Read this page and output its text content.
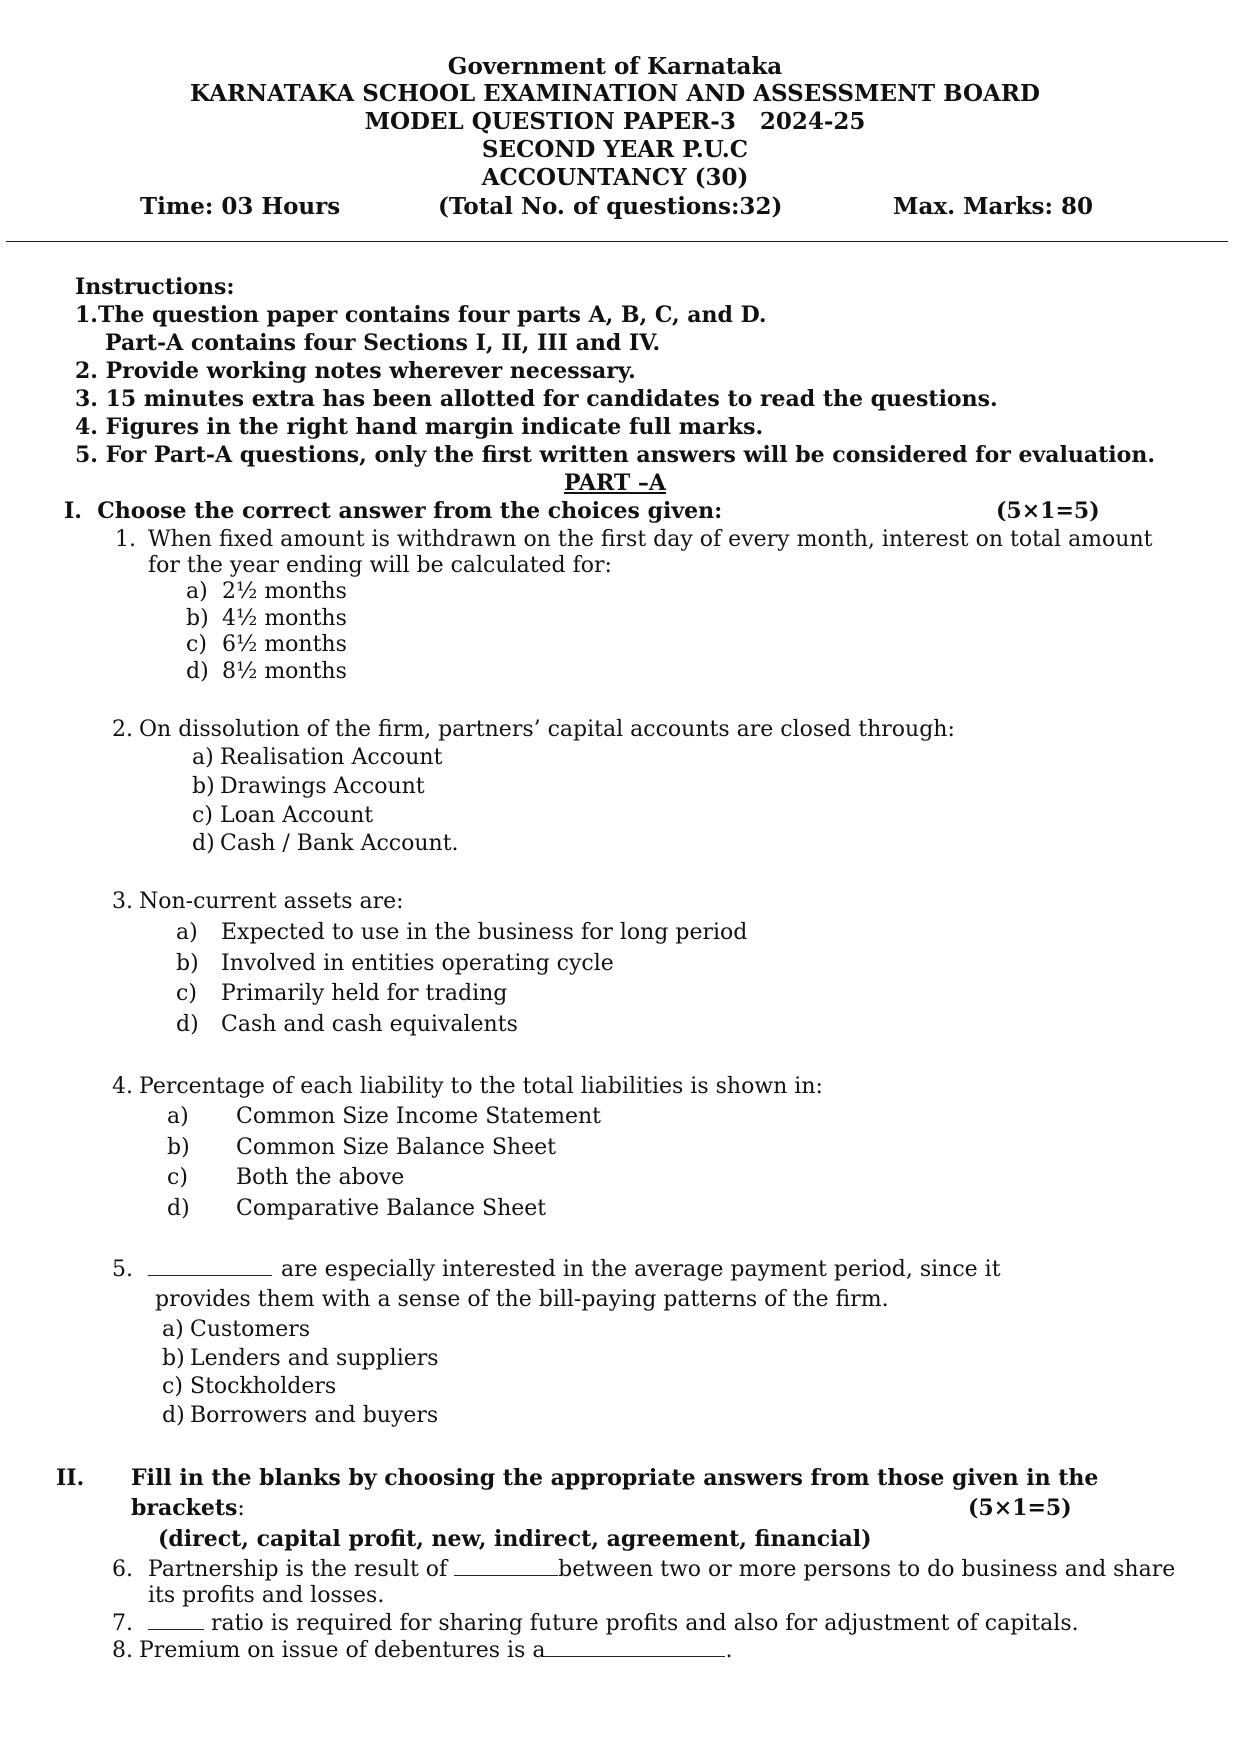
Government of Karnataka
KARNATAKA SCHOOL EXAMINATION AND ASSESSMENT BOARD
MODEL QUESTION PAPER-3   2024-25
SECOND YEAR P.U.C
ACCOUNTANCY (30)
Time: 03 Hours	(Total No. of questions:32)	Max. Marks: 80
Instructions:
1.The question paper contains four parts A, B, C, and D.
Part-A contains four Sections I, II, III and IV.
2. Provide working notes wherever necessary.
3. 15 minutes extra has been allotted for candidates to read the questions.
4. Figures in the right hand margin indicate full marks.
5. For Part-A questions, only the first written answers will be considered for evaluation.
PART –A
I.  Choose the correct answer from the choices given:	(5×1=5)
1. When fixed amount is withdrawn on the first day of every month, interest on total amount
for the year ending will be calculated for:
a) 2½ months
b) 4½ months
c) 6½ months
d) 8½ months
2. On dissolution of the firm, partners’ capital accounts are closed through:
a) Realisation Account
b) Drawings Account
c) Loan Account
d) Cash / Bank Account.
3. Non-current assets are:
a) Expected to use in the business for long period
b) Involved in entities operating cycle
c) Primarily held for trading
d) Cash and cash equivalents
4. Percentage of each liability to the total liabilities is shown in:
a) Common Size Income Statement
b) Common Size Balance Sheet
c) Both the above
d) Comparative Balance Sheet
5.	are especially interested in the average payment period, since it
provides them with a sense of the bill-paying patterns of the firm.
a) Customers
b) Lenders and suppliers
c) Stockholders
d) Borrowers and buyers
II. Fill in the blanks by choosing the appropriate answers from those given in the
brackets:	(5×1=5)
(direct, capital profit, new, indirect, agreement, financial)
6. Partnership is the result of	between two or more persons to do business and share
its profits and losses.
7.	ratio is required for sharing future profits and also for adjustment of capitals.
8. Premium on issue of debentures is a	.
